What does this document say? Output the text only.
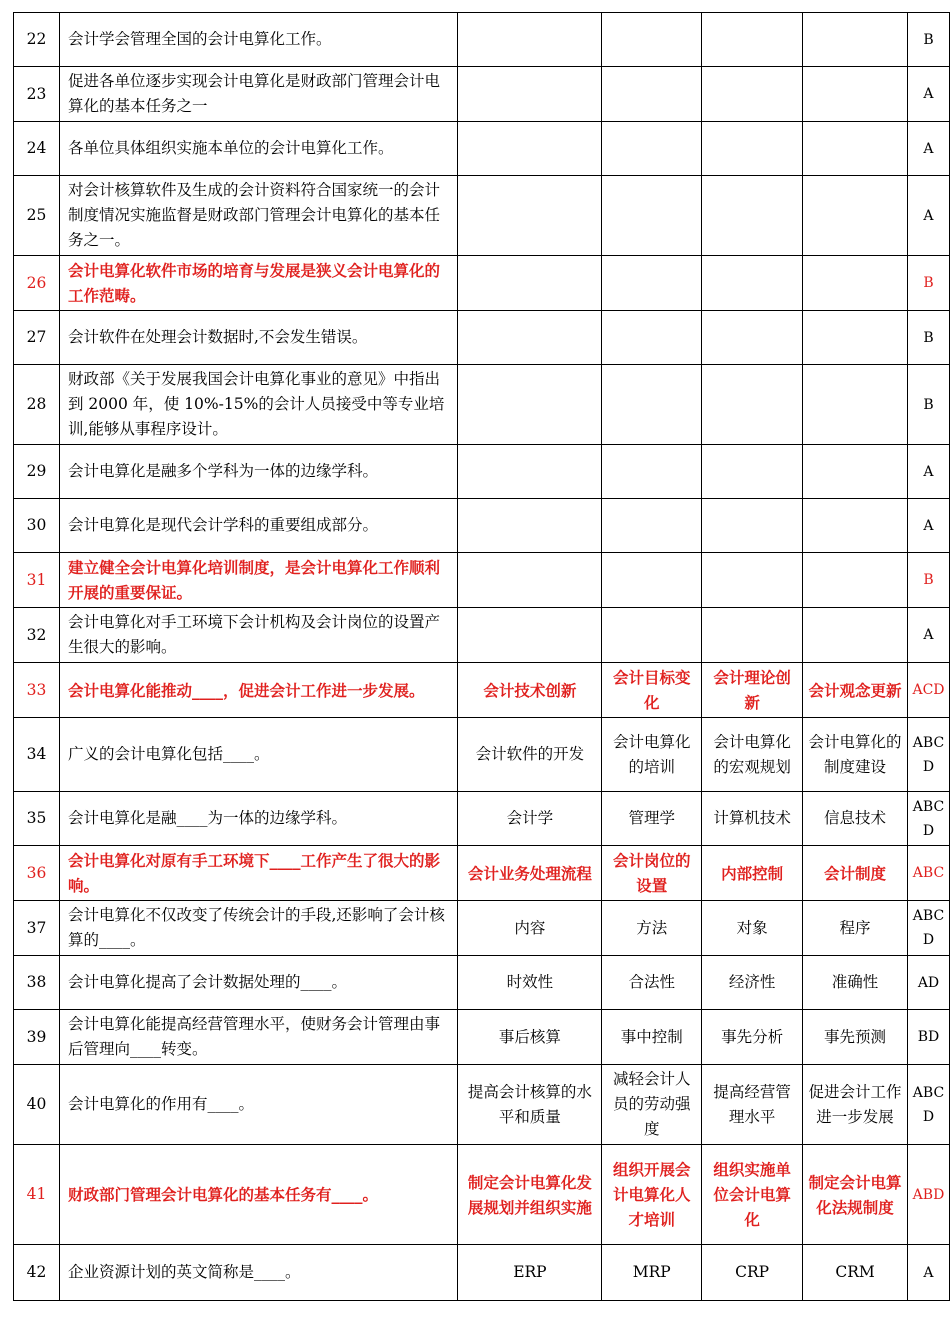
22	会计学会管理全国的会计电算化工作。					B
23	促进各单位逐步实现会计电算化是财政部门管理会计电算化的基本任务之一					A
24	各单位具体组织实施本单位的会计电算化工作。					A
25	对会计核算软件及生成的会计资料符合国家统一的会计制度情况实施监督是财政部门管理会计电算化的基本任务之一。					A
26	会计电算化软件市场的培育与发展是狭义会计电算化的工作范畴。					B
27	会计软件在处理会计数据时,不会发生错误。					B
28	财政部《关于发展我国会计电算化事业的意见》中指出到 2000 年，使 10%-15%的会计人员接受中等专业培训,能够从事程序设计。					B
29	会计电算化是融多个学科为一体的边缘学科。					A
30	会计电算化是现代会计学科的重要组成部分。					A
31	建立健全会计电算化培训制度，是会计电算化工作顺利开展的重要保证。					B
32	会计电算化对手工环境下会计机构及会计岗位的设置产生很大的影响。					A
33	会计电算化能推动____，促进会计工作进一步发展。	会计技术创新	会计目标变化	会计理论创新	会计观念更新	ACD
34	广义的会计电算化包括____。	会计软件的开发	会计电算化的培训	会计电算化的宏观规划	会计电算化的制度建设	ABCD
35	会计电算化是融____为一体的边缘学科。	会计学	管理学	计算机技术	信息技术	ABCD
36	会计电算化对原有手工环境下____工作产生了很大的影响。	会计业务处理流程	会计岗位的设置	内部控制	会计制度	ABC
37	会计电算化不仅改变了传统会计的手段,还影响了会计核算的____。	内容	方法	对象	程序	ABCD
38	会计电算化提高了会计数据处理的____。	时效性	合法性	经济性	准确性	AD
39	会计电算化能提高经营管理水平，使财务会计管理由事后管理向____转变。	事后核算	事中控制	事先分析	事先预测	BD
40	会计电算化的作用有____。	提高会计核算的水平和质量	减轻会计人员的劳动强度	提高经营管理水平	促进会计工作进一步发展	ABCD
41	财政部门管理会计电算化的基本任务有____。	制定会计电算化发展规划并组织实施	组织开展会计电算化人才培训	组织实施单位会计电算化	制定会计电算化法规制度	ABD
42	企业资源计划的英文简称是____。	ERP	MRP	CRP	CRM	A
